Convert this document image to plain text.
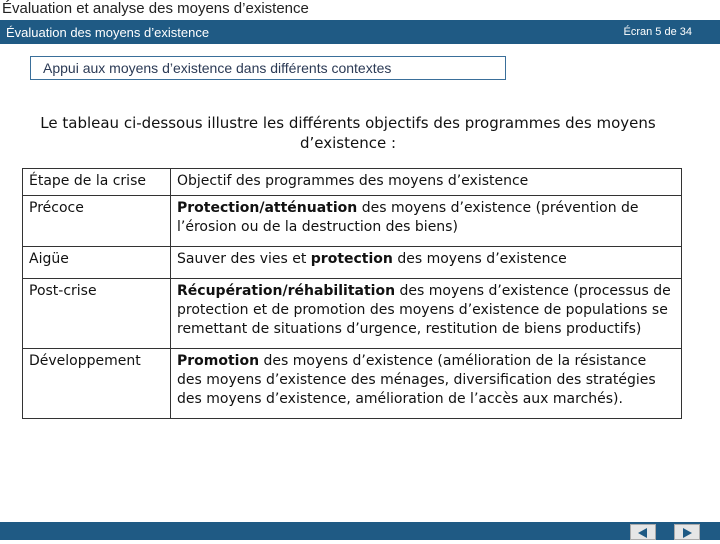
Évaluation et analyse des moyens d’existence
Évaluation des moyens d’existence	Écran 5 de 34
Appui aux moyens d’existence dans différents contextes
Le tableau ci-dessous illustre les différents objectifs des programmes des moyens d’existence :
Étape de la crise	Objectif des programmes des moyens d’existence
Précoce	Protection/atténuation des moyens d’existence (prévention de l’érosion ou de la destruction des biens)
Aigüe	Sauver des vies et protection des moyens d’existence
Post-crise	Récupération/réhabilitation des moyens d’existence (processus de protection et de promotion des moyens d’existence de populations se remettant de situations d’urgence, restitution de biens productifs)
Développement	Promotion des moyens d’existence (amélioration de la résistance des moyens d’existence des ménages, diversification des stratégies des moyens d’existence, amélioration de l’accès aux marchés).
